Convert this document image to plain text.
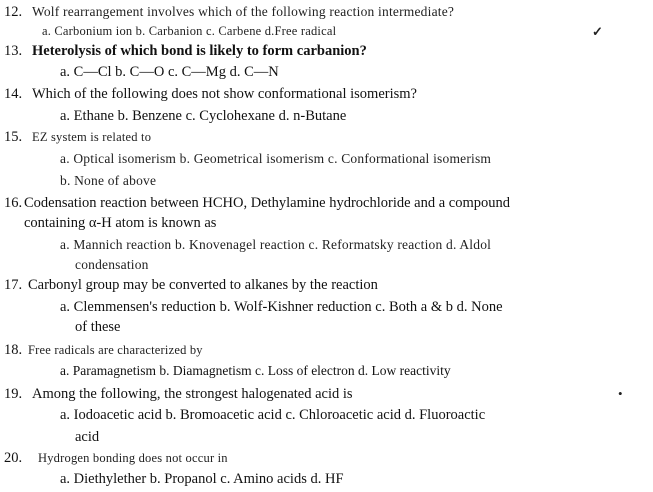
12. Wolf rearrangement involves which of the following reaction intermediate?
a. Carbonium ion b. Carbanion c. Carbene d.Free radical
13. Heterolysis of which bond is likely to form carbanion?
a. C—Cl b. C—O c. C—Mg d. C—N
14. Which of the following does not show conformational isomerism?
a. Ethane b. Benzene c. Cyclohexane d. n-Butane
15. EZ system is related to
a. Optical isomerism b. Geometrical isomerism c. Conformational isomerism
b. None of above
16. Codensation reaction between HCHO, Dethylamine hydrochloride and a compound
containing α-H atom is known as
a. Mannich reaction b. Knovenagel reaction c. Reformatsky reaction d. Aldol
condensation
17. Carbonyl group may be converted to alkanes by the reaction
a. Clemmensen's reduction b. Wolf-Kishner reduction c. Both a & b d. None
of these
18. Free radicals are characterized by
a. Paramagnetism b. Diamagnetism c. Loss of electron d. Low reactivity
19. Among the following, the strongest halogenated acid is
a. Iodoacetic acid b. Bromoacetic acid c. Chloroacetic acid d. Fluoroactic
acid
20. Hydrogen bonding does not occur in
a. Diethylether b. Propanol c. Amino acids d. HF
✓
•
